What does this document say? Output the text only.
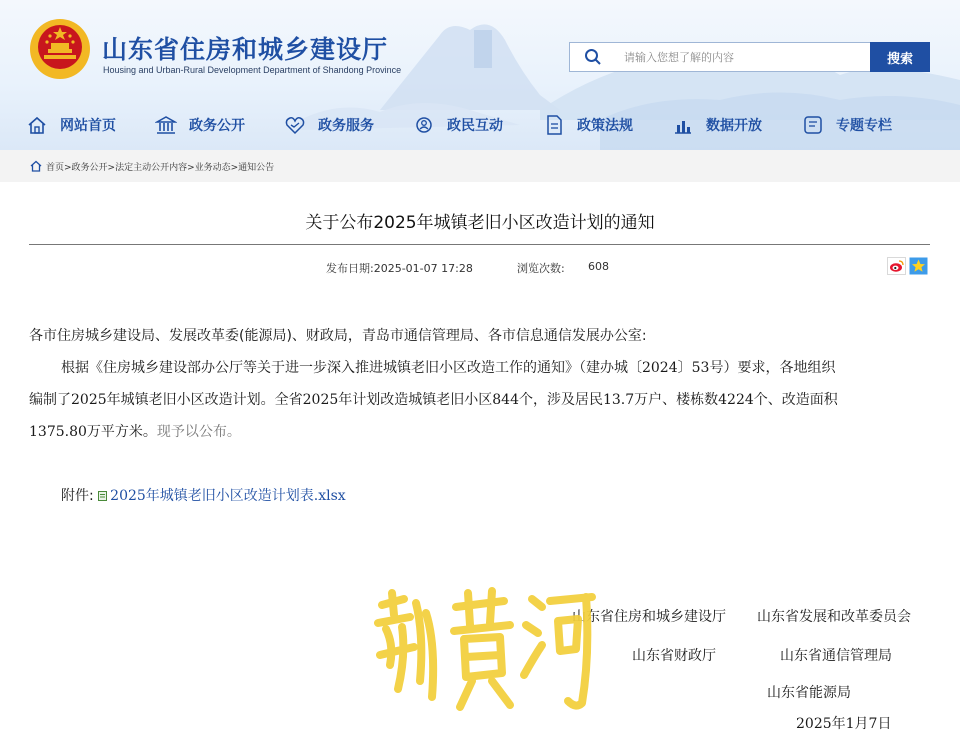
山东省住房和城乡建设厅
Housing and Urban-Rural Development Department of Shandong Province
请输入您想了解的内容
搜索
网站首页	政务公开	政务服务	政民互动	政策法规	数据开放	专题专栏
首页>政务公开>法定主动公开内容>业务动态>通知公告
关于公布2025年城镇老旧小区改造计划的通知
发布日期:2025-01-07 17:28	浏览次数: 608
各市住房城乡建设局、发展改革委(能源局)、财政局，青岛市通信管理局、各市信息通信发展办公室:
根据《住房城乡建设部办公厅等关于进一步深入推进城镇老旧小区改造工作的通知》（建办城〔2024〕53号）要求，各地组织
编制了2025年城镇老旧小区改造计划。全省2025年计划改造城镇老旧小区844个，涉及居民13.7万户、楼栋数4224个、改造面积
1375.80万平方米。现予以公布。
附件: 2025年城镇老旧小区改造计划表.xlsx
山东省住房和城乡建设厅 山东省发展和改革委员会
山东省财政厅	山东省通信管理局
山东省能源局
2025年1月7日
